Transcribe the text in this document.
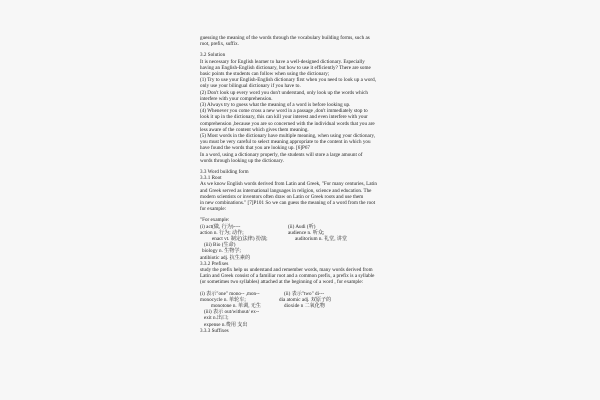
guessing the meaning of the words through the vocabulary building forms, such as

root, prefix, suffix.

3.2 Solution

It is necessary for English learner to have a well-designed dictionary. Especially

having an English-English dictionary, but how to use it efficiently? There are some

basic points the students can follow when using the dictionary;

(1) Try to use your English-English dictionary first when you need to look up a word,

only use your bilingual dictionary if you have to.

(2) Don't look up every word you don't understand, only look up the words which

interfere with your comprehension.

(3) Always try to guess what the meaning of a word is before looking up.

(4) Whenever you come cross a new word in a passage ,don't immediately stop to

look it up in the dictionary, this can kill your interest and even interfere with your

comprehension ,because you are so concerned with the individual words that you are

less aware of the content which gives them meaning.

(5) Most words in the dictionary have multiple meaning, when using your dictionary,

you must be very careful to select meaning appropriate to the content in which you

have found the words that you are looking up. [6]P67

In a word, using a dictionary properly, the students will store a large amount of

words through looking up the dictionary.

3.3 Word building form

3.3.1 Root

As we know English words derived from Latin and Greek, "For many centuries, Latin

and Greek served as international languages in religion, science and education. The

modern scientists or inventors often draw on Latin or Greek roots and use them

in new combinations." [7]P101 So we can guess the meaning of a word from the root

for example:

"For example:

(i) act(做, 行为)----	(ii) Audi (听)
action n. 行为; 动作;	audience n. 听众;
enact vt. 制定(法律) 扮演;	auditorium n. 礼堂, 讲堂

(iii) Bio (生命)

biology n. 生物学;

antibiotic adj. 抗生素的

3.3.2 Prefixes

study the prefix help us understand and remember words, many words derived from

Latin and Greek consist of a familiar root and a common prefix, a prefix is a syllable

(or sometimes two syllables) attached at the beginning of a word , for example:

(i) 表示"one" mono-- ,mon--	(ii) 表示"two" di---
monocycle n. 单轮车;	dia atomic adj. 双原子的
monotone n. 单调, 无生	dioxide n 二氧化物

(iii) 表示 out/without/ ex--

exit n.出口;

expense n.费用 支出

3.3.3 Suffixes
